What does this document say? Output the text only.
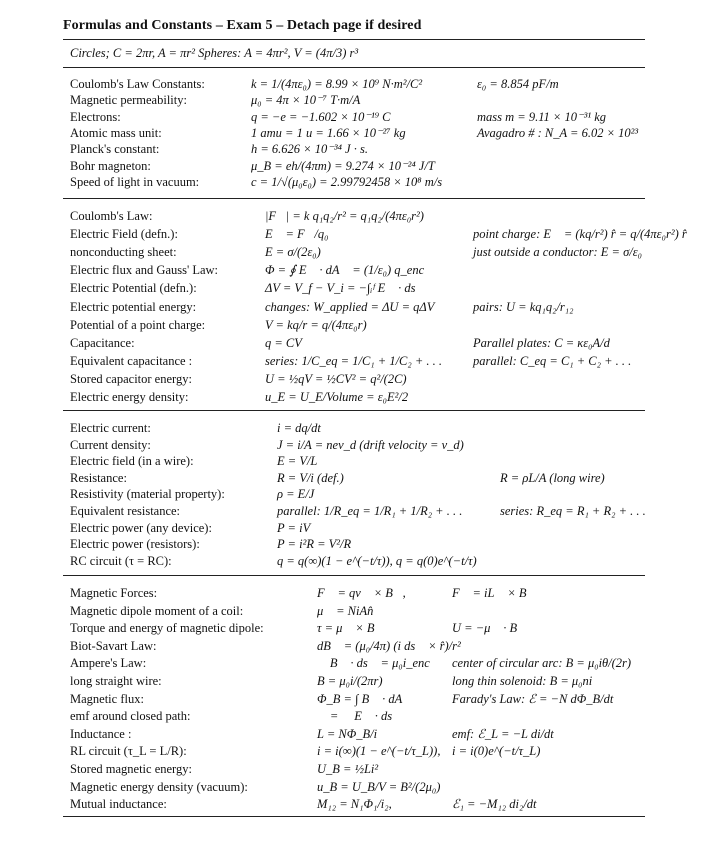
Formulas and Constants – Exam 5 – Detach page if desired
Circles; C = 2πr, A = πr² Spheres: A = 4πr², V = (4π/3) r³
Coulomb's Law Constants:	k = 1/(4πε₀) = 8.99 × 10⁹ N·m²/C²	ε₀ = 8.854 pF/m
Magnetic permeability:	μ₀ = 4π × 10⁻⁷ T·m/A
Electrons:	q = −e = −1.602 × 10⁻¹⁹ C	mass m = 9.11 × 10⁻³¹ kg
Atomic mass unit:	1 amu = 1 u = 1.66 × 10⁻²⁷ kg	Avagadro # : N_A = 6.02 × 10²³
Planck's constant:	h = 6.626 × 10⁻³⁴ J · s.
Bohr magneton:	μ_B = eh/(4πm) = 9.274 × 10⁻²⁴ J/T
Speed of light in vacuum:	c = 1/√(μ₀ε₀) = 2.99792458 × 10⁸ m/s
Coulomb's Law:	|F⃗| = k q₁q₂/r² = q₁q₂/(4πε₀r²)
Electric Field (defn.):	E⃗ = F⃗/q₀	point charge: E⃗ = (kq/r²) r̂ = q/(4πε₀r²) r̂
nonconducting sheet:	E = σ/(2ε₀)	just outside a conductor: E = σ/ε₀
Electric flux and Gauss' Law:	Φ = ∮ E⃗ · dA⃗ = (1/ε₀) q_enc
Electric Potential (defn.):	ΔV = V_f − V_i = −∫ᵢᶠ E⃗ · ds⃗
Electric potential energy:	changes: W_applied = ΔU = qΔV	pairs: U = kq₁q₂/r₁₂
Potential of a point charge:	V = kq/r = q/(4πε₀r)
Capacitance:	q = CV	Parallel plates: C = κε₀A/d
Equivalent capacitance :	series: 1/C_eq = 1/C₁ + 1/C₂ + . . . parallel: C_eq = C₁ + C₂ + . . .
Stored capacitor energy:	U = ½qV = ½CV² = q²/(2C)
Electric energy density:	u_E = U_E/Volume = ε₀E²/2
Electric current:	i = dq/dt
Current density:	J = i/A = nev_d (drift velocity = v_d)
Electric field (in a wire):	E = V/L
Resistance:	R = V/i (def.)	R = ρL/A (long wire)
Resistivity (material property):	ρ = E/J
Equivalent resistance:	parallel: 1/R_eq = 1/R₁ + 1/R₂ + . . .	series: R_eq = R₁ + R₂ + . . .
Electric power (any device):	P = iV
Electric power (resistors):	P = i²R = V²/R
RC circuit (τ = RC):	q = q(∞)(1 − e^(−t/τ)), q = q(0)e^(−t/τ)
Magnetic Forces:	F⃗ = qv⃗ × B⃗,	F⃗ = iL⃗ × B⃗
Magnetic dipole moment of a coil:	μ⃗ = NiAn̂
Torque and energy of magnetic dipole:	τ = μ⃗ × B⃗	U = −μ⃗ · B⃗
Biot-Savart Law:	dB⃗ = (μ₀/4π) (i ds⃗ × r̂)/r²
Ampere's Law:	∮ B⃗ · ds⃗ = μ₀i_enc center of circular arc: B = μ₀iθ/(2r)
long straight wire:	B = μ₀i/(2πr)	long thin solenoid: B = μ₀ni
Magnetic flux:	Φ_B = ∫ B⃗ · dA⃗	Farady's Law: ℰ = −N dΦ_B/dt
emf around closed path:	ℰ = ∮ E⃗ · ds⃗
Inductance :	L = NΦ_B/i	emf: ℰ_L = −L di/dt
RL circuit (τ_L = L/R):	i = i(∞)(1 − e^(−t/τ_L)), i = i(0)e^(−t/τ_L)
Stored magnetic energy:	U_B = ½Li²
Magnetic energy density (vacuum):	u_B = U_B/V = B²/(2μ₀)
Mutual inductance:	M₁₂ = N₁Φ₁/i₂,	ℰ₁ = −M₁₂ di₂/dt
